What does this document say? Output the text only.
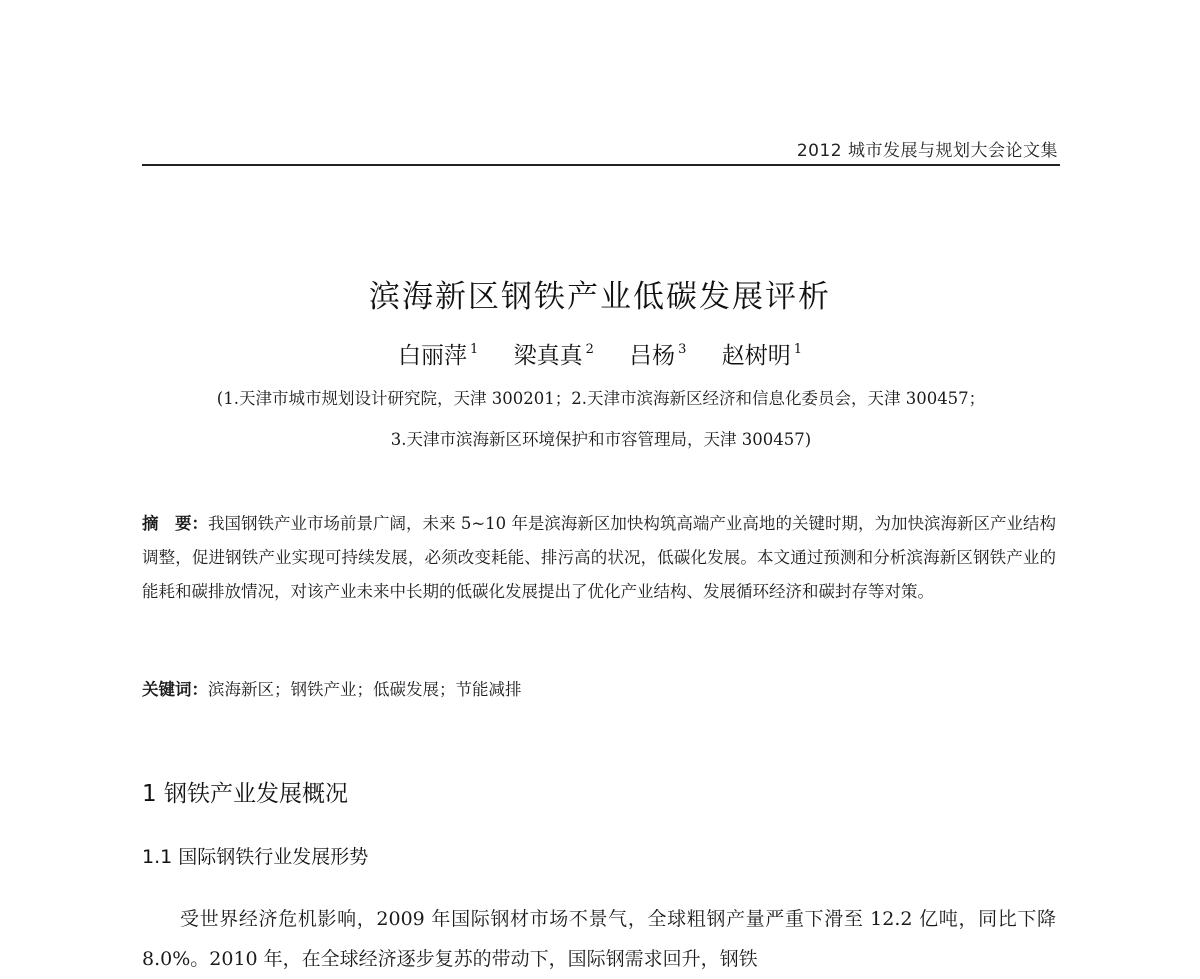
2012 城市发展与规划大会论文集
滨海新区钢铁产业低碳发展评析

白丽萍 $^1$ 梁真真 $^2$ 吕杨 $^3$ 赵树明 $^1$

(1.天津市城市规划设计研究院，天津 300201；2.天津市滨海新区经济和信息化委员会，天津 300457；

3.天津市滨海新区环境保护和市容管理局，天津 300457)

摘　要：我国钢铁产业市场前景广阔，未来 5~10 年是滨海新区加快构筑高端产业高地的关键时期，为加快滨海新区产业结构调整，促进钢铁产业实现可持续发展，必须改变耗能、排污高的状况，低碳化发展。本文通过预测和分析滨海新区钢铁产业的能耗和碳排放情况，对该产业未来中长期的低碳化发展提出了优化产业结构、发展循环经济和碳封存等对策。

关键词：滨海新区；钢铁产业；低碳发展；节能减排

1 钢铁产业发展概况
1.1 国际钢铁行业发展形势

受世界经济危机影响，2009 年国际钢材市场不景气，全球粗钢产量严重下滑至 12.2 亿吨，同比下降 8.0%。2010 年，在全球经济逐步复苏的带动下，国际钢需求回升，钢铁
